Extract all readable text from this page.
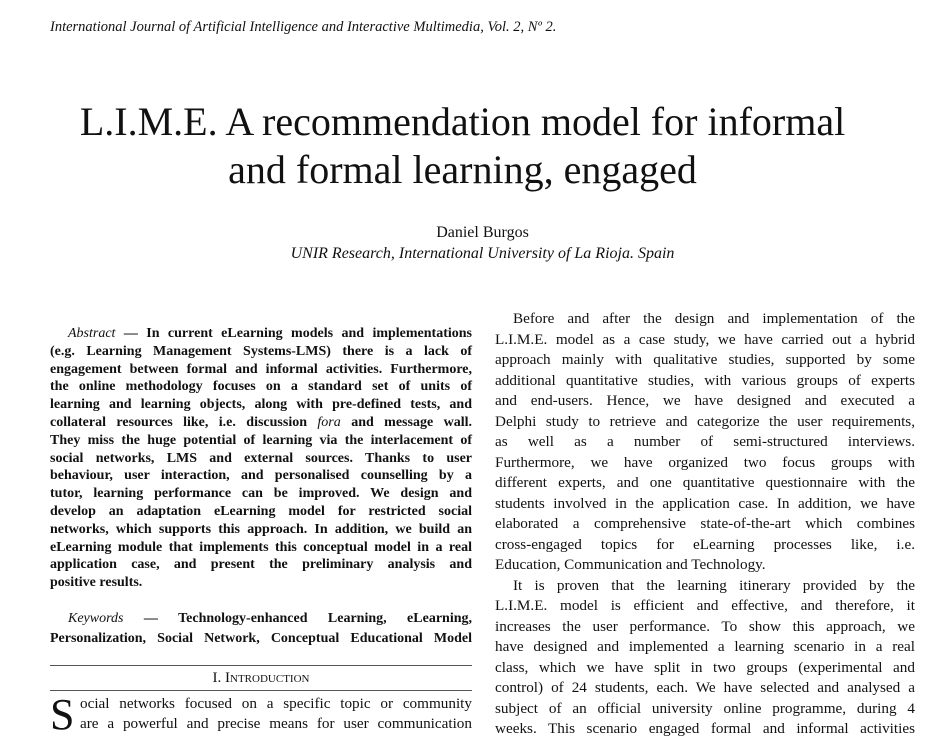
International Journal of Artificial Intelligence and Interactive Multimedia, Vol. 2, Nº 2.
L.I.M.E. A recommendation model for informal
and formal learning, engaged
Daniel Burgos
UNIR Research, International University of La Rioja. Spain
Abstract — In current eLearning models and implementations
(e.g. Learning Management Systems-LMS) there is a lack of
engagement between formal and informal activities. Furthermore,
the online methodology focuses on a standard set of units of
learning and learning objects, along with pre-defined tests, and
collateral resources like, i.e. discussion fora and message wall.
They miss the huge potential of learning via the interlacement of
social networks, LMS and external sources. Thanks to user
behaviour, user interaction, and personalised counselling by a
tutor, learning performance can be improved. We design and
develop an adaptation eLearning model for restricted social
networks, which supports this approach. In addition, we build an
eLearning module that implements this conceptual model in a real
application case, and present the preliminary analysis and
positive results.
Keywords — Technology-enhanced Learning, eLearning,
Personalization, Social Network, Conceptual Educational Model
I. Introduction
S ocial networks focused on a specific topic or community
are a powerful and precise means for user communication
Before and after the design and implementation of the
L.I.M.E. model as a case study, we have carried out a hybrid
approach mainly with qualitative studies, supported by some
additional quantitative studies, with various groups of experts
and end-users. Hence, we have designed and executed a
Delphi study to retrieve and categorize the user requirements,
as well as a number of semi-structured interviews.
Furthermore, we have organized two focus groups with
different experts, and one quantitative questionnaire with the
students involved in the application case. In addition, we have
elaborated a comprehensive state-of-the-art which combines
cross-engaged topics for eLearning processes like, i.e.
Education, Communication and Technology.
It is proven that the learning itinerary provided by the
L.I.M.E. model is efficient and effective, and therefore, it
increases the user performance. To show this approach, we
have designed and implemented a learning scenario in a real
class, which we have split in two groups (experimental and
control) of 24 students, each. We have selected and analysed a
subject of an official university online programme, during 4
weeks. This scenario engaged formal and informal activities
